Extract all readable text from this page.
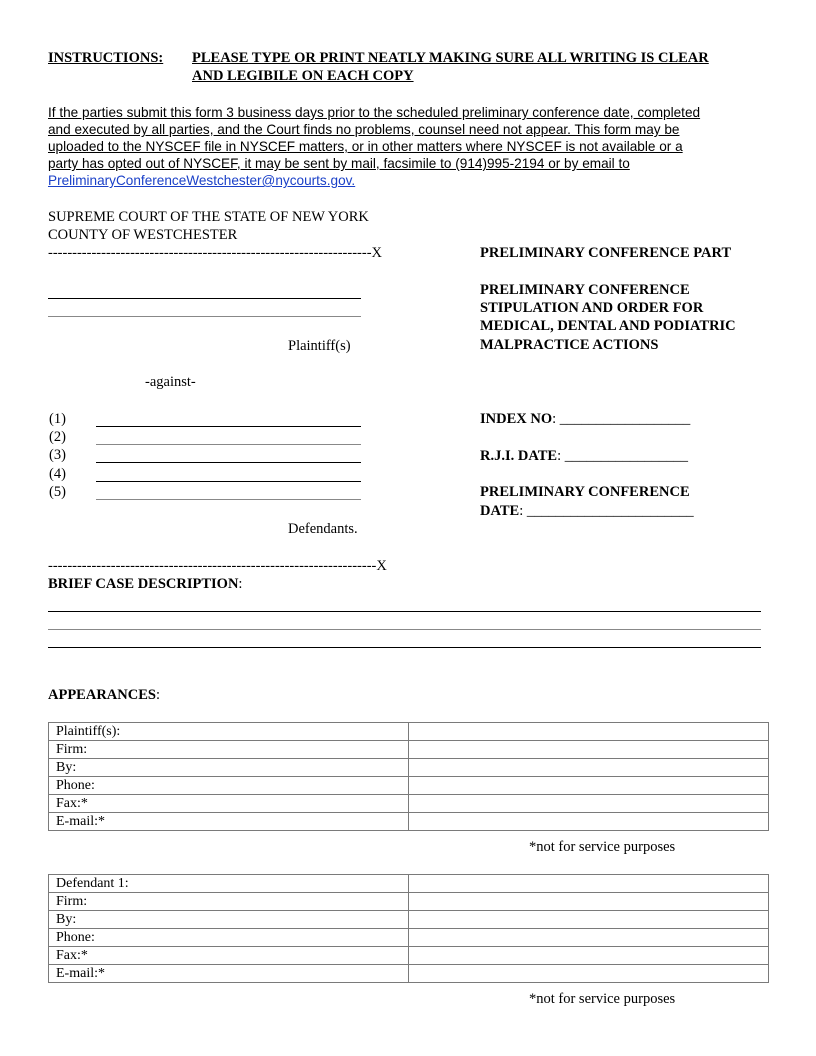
INSTRUCTIONS: PLEASE TYPE OR PRINT NEATLY MAKING SURE ALL WRITING IS CLEAR
AND LEGIBILE ON EACH COPY
If the parties submit this form 3 business days prior to the scheduled preliminary conference date, completed
and executed by all parties, and the Court finds no problems, counsel need not appear. This form may be
uploaded to the NYSCEF file in NYSCEF matters, or in other matters where NYSCEF is not available or a
party has opted out of NYSCEF, it may be sent by mail, facsimile to (914)995-2194 or by email to
PreliminaryConferenceWestchester@nycourts.gov.
SUPREME COURT OF THE STATE OF NEW YORK
COUNTY OF WESTCHESTER
-------------------------------------------------------------------X	PRELIMINARY CONFERENCE PART
PRELIMINARY CONFERENCE
STIPULATION AND ORDER FOR
MEDICAL, DENTAL AND PODIATRIC
MALPRACTICE ACTIONS
INDEX NO: __________________
R.J.I. DATE: _________________
PRELIMINARY CONFERENCE
DATE: _______________________
Plaintiff(s)
-against-
(1)
(2)
(3)
(4)
(5)
Defendants.
--------------------------------------------------------------------X
BRIEF CASE DESCRIPTION:
APPEARANCES:
Plaintiff(s):	
Firm:	
By:	
Phone:	
Fax:*	
E-mail:*	
*not for service purposes
Defendant 1:	
Firm:	
By:	
Phone:	
Fax:*	
E-mail:*	
*not for service purposes
